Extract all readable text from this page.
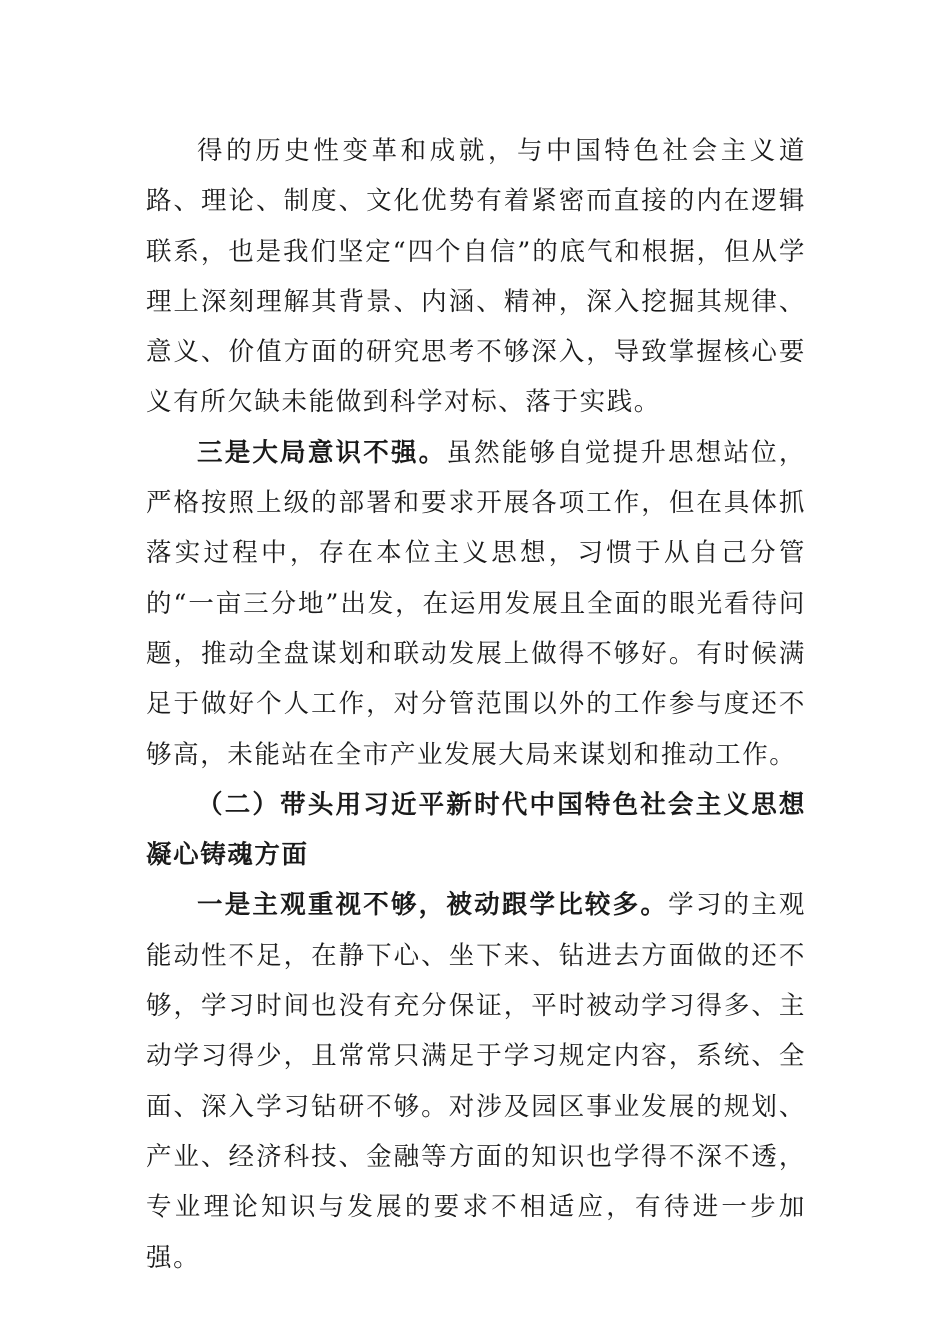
得的历史性变革和成就，与中国特色社会主义道路、理论、制度、文化优势有着紧密而直接的内在逻辑联系，也是我们坚定“四个自信”的底气和根据，但从学理上深刻理解其背景、内涵、精神，深入挖掘其规律、意义、价值方面的研究思考不够深入，导致掌握核心要义有所欠缺未能做到科学对标、落于实践。

三是大局意识不强。虽然能够自觉提升思想站位，严格按照上级的部署和要求开展各项工作，但在具体抓落实过程中，存在本位主义思想，习惯于从自己分管的“一亩三分地”出发，在运用发展且全面的眼光看待问题，推动全盘谋划和联动发展上做得不够好。有时候满足于做好个人工作，对分管范围以外的工作参与度还不够高，未能站在全市产业发展大局来谋划和推动工作。

（二）带头用习近平新时代中国特色社会主义思想凝心铸魂方面

一是主观重视不够，被动跟学比较多。学习的主观能动性不足，在静下心、坐下来、钻进去方面做的还不够，学习时间也没有充分保证，平时被动学习得多、主动学习得少，且常常只满足于学习规定内容，系统、全面、深入学习钻研不够。对涉及园区事业发展的规划、产业、经济科技、金融等方面的知识也学得不深不透，专业理论知识与发展的要求不相适应，有待进一步加强。
